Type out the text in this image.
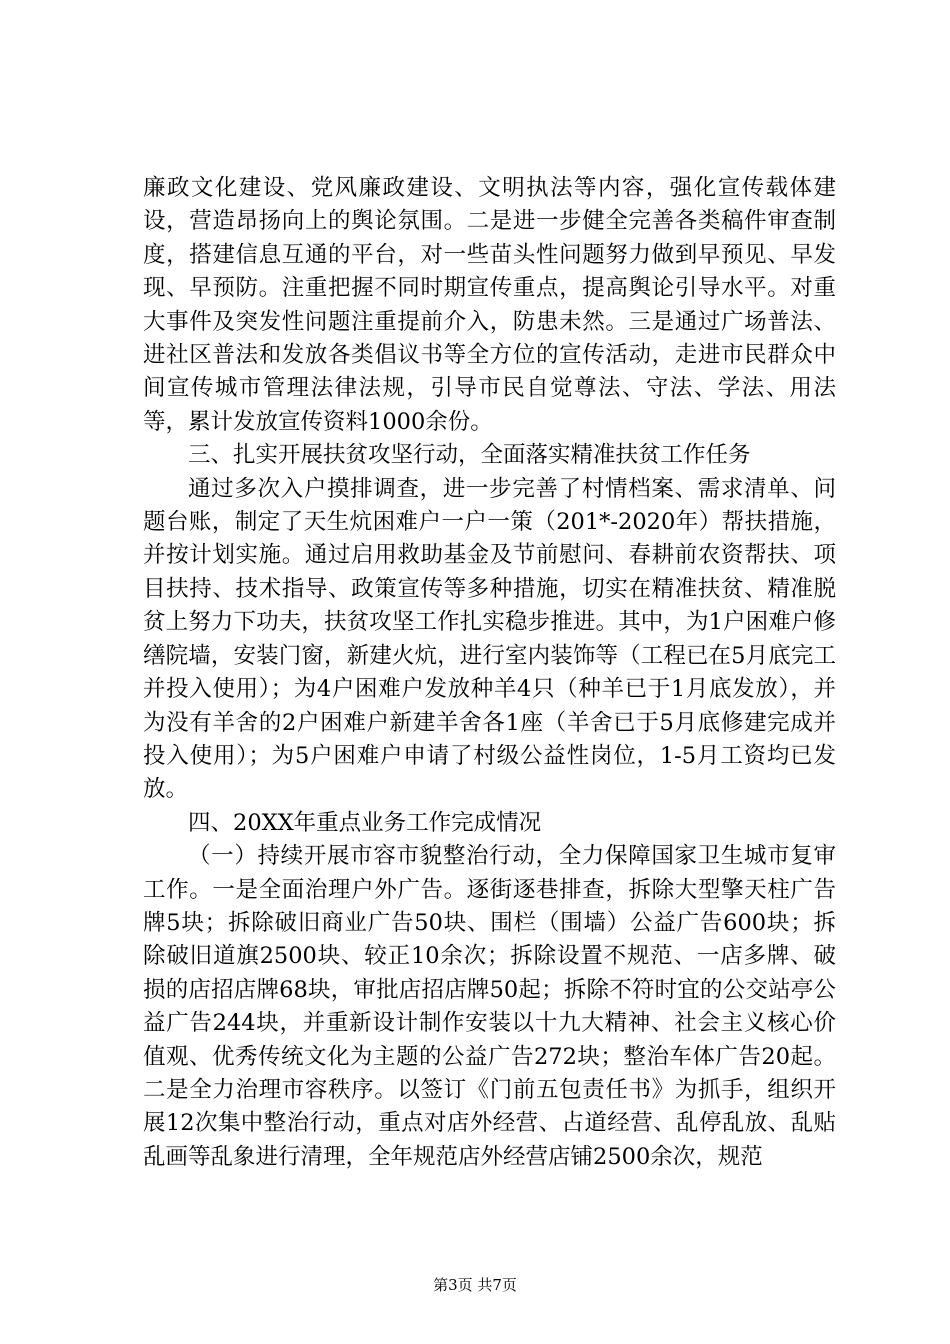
廉政文化建设、党风廉政建设、文明执法等内容，强化宣传载体建设，营造昂扬向上的舆论氛围。二是进一步健全完善各类稿件审查制度，搭建信息互通的平台，对一些苗头性问题努力做到早预见、早发现、早预防。注重把握不同时期宣传重点，提高舆论引导水平。对重大事件及突发性问题注重提前介入，防患未然。三是通过广场普法、进社区普法和发放各类倡议书等全方位的宣传活动，走进市民群众中间宣传城市管理法律法规，引导市民自觉尊法、守法、学法、用法等，累计发放宣传资料1000余份。

三、扎实开展扶贫攻坚行动，全面落实精准扶贫工作任务

通过多次入户摸排调查，进一步完善了村情档案、需求清单、问题台账，制定了天生炕困难户一户一策（201*-2020年）帮扶措施，并按计划实施。通过启用救助基金及节前慰问、春耕前农资帮扶、项目扶持、技术指导、政策宣传等多种措施，切实在精准扶贫、精准脱贫上努力下功夫，扶贫攻坚工作扎实稳步推进。其中，为1户困难户修缮院墙，安装门窗，新建火炕，进行室内装饰等（工程已在5月底完工并投入使用）；为4户困难户发放种羊4只（种羊已于1月底发放），并为没有羊舍的2户困难户新建羊舍各1座（羊舍已于5月底修建完成并投入使用）；为5户困难户申请了村级公益性岗位，1-5月工资均已发放。

四、20XX年重点业务工作完成情况

（一）持续开展市容市貌整治行动，全力保障国家卫生城市复审工作。一是全面治理户外广告。逐街逐巷排查，拆除大型擎天柱广告牌5块；拆除破旧商业广告50块、围栏（围墙）公益广告600块；拆除破旧道旗2500块、较正10余次；拆除设置不规范、一店多牌、破损的店招店牌68块，审批店招店牌50起；拆除不符时宜的公交站亭公益广告244块，并重新设计制作安装以十九大精神、社会主义核心价值观、优秀传统文化为主题的公益广告272块；整治车体广告20起。二是全力治理市容秩序。以签订《门前五包责任书》为抓手，组织开展12次集中整治行动，重点对店外经营、占道经营、乱停乱放、乱贴乱画等乱象进行清理，全年规范店外经营店铺2500余次，规范

第3页 共7页
